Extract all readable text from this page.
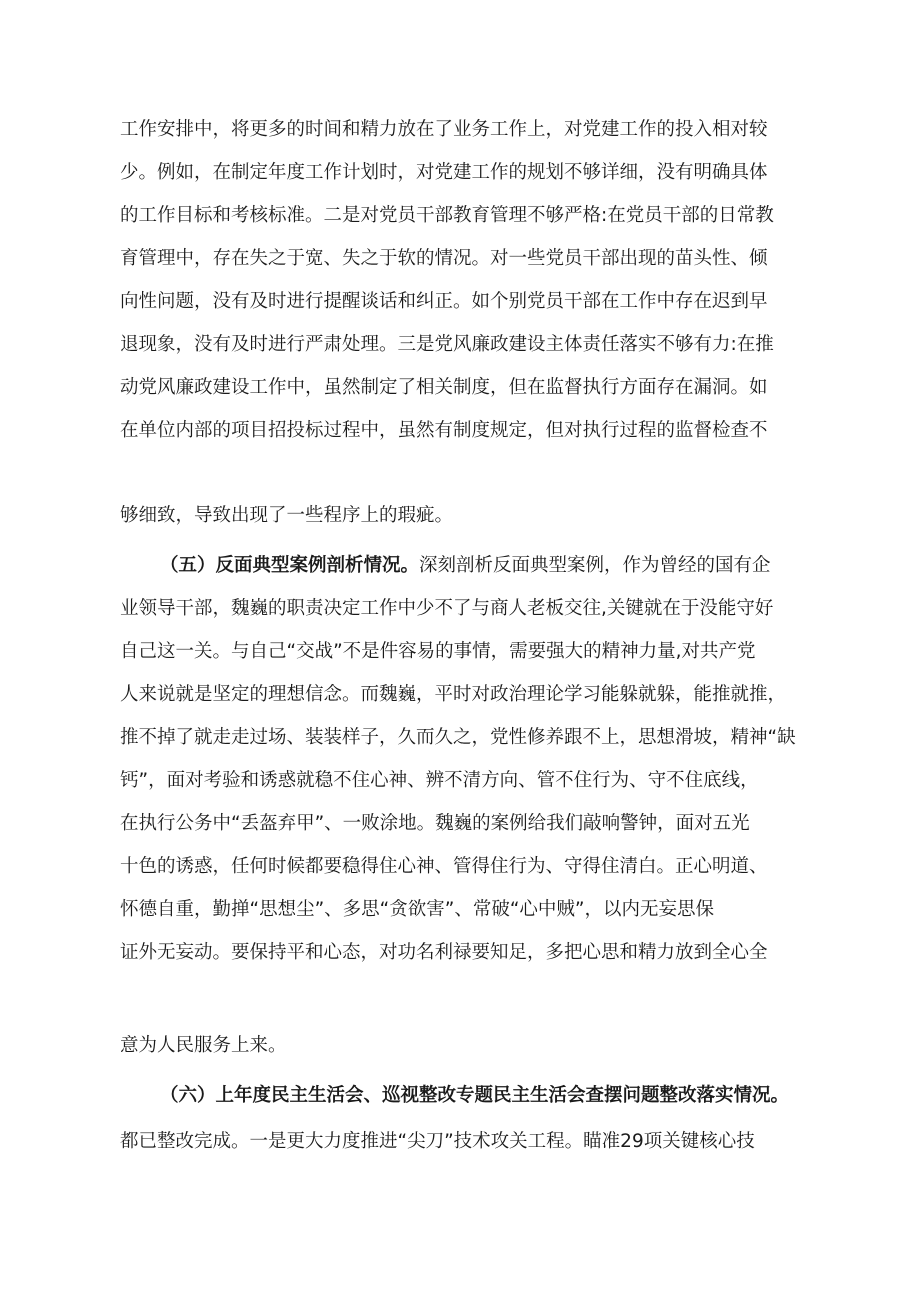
工作安排中，将更多的时间和精力放在了业务工作上，对党建工作的投入相对较
少。例如，在制定年度工作计划时，对党建工作的规划不够详细，没有明确具体
的工作目标和考核标准。二是对党员干部教育管理不够严格:在党员干部的日常教
育管理中，存在失之于宽、失之于软的情况。对一些党员干部出现的苗头性、倾
向性问题，没有及时进行提醒谈话和纠正。如个别党员干部在工作中存在迟到早
退现象，没有及时进行严肃处理。三是党风廉政建设主体责任落实不够有力:在推
动党风廉政建设工作中，虽然制定了相关制度，但在监督执行方面存在漏洞。如
在单位内部的项目招投标过程中，虽然有制度规定，但对执行过程的监督检查不
够细致，导致出现了一些程序上的瑕疵。
（五）反面典型案例剖析情况。深刻剖析反面典型案例，作为曾经的国有企
业领导干部，魏巍的职责决定工作中少不了与商人老板交往,关键就在于没能守好
自己这一关。与自己“交战”不是件容易的事情，需要强大的精神力量,对共产党
人来说就是坚定的理想信念。而魏巍，平时对政治理论学习能躲就躲，能推就推，
推不掉了就走走过场、装装样子，久而久之，党性修养跟不上，思想滑坡，精神“缺
钙”，面对考验和诱惑就稳不住心神、辨不清方向、管不住行为、守不住底线，
在执行公务中“丢盔弃甲”、一败涂地。魏巍的案例给我们敲响警钟，面对五光
十色的诱惑，任何时候都要稳得住心神、管得住行为、守得住清白。正心明道、
怀德自重，勤掸“思想尘”、多思“贪欲害”、常破“心中贼”，以内无妄思保
证外无妄动。要保持平和心态，对功名利禄要知足，多把心思和精力放到全心全
意为人民服务上来。
（六）上年度民主生活会、巡视整改专题民主生活会查摆问题整改落实情况。
都已整改完成。一是更大力度推进“尖刀”技术攻关工程。瞄准29项关键核心技
